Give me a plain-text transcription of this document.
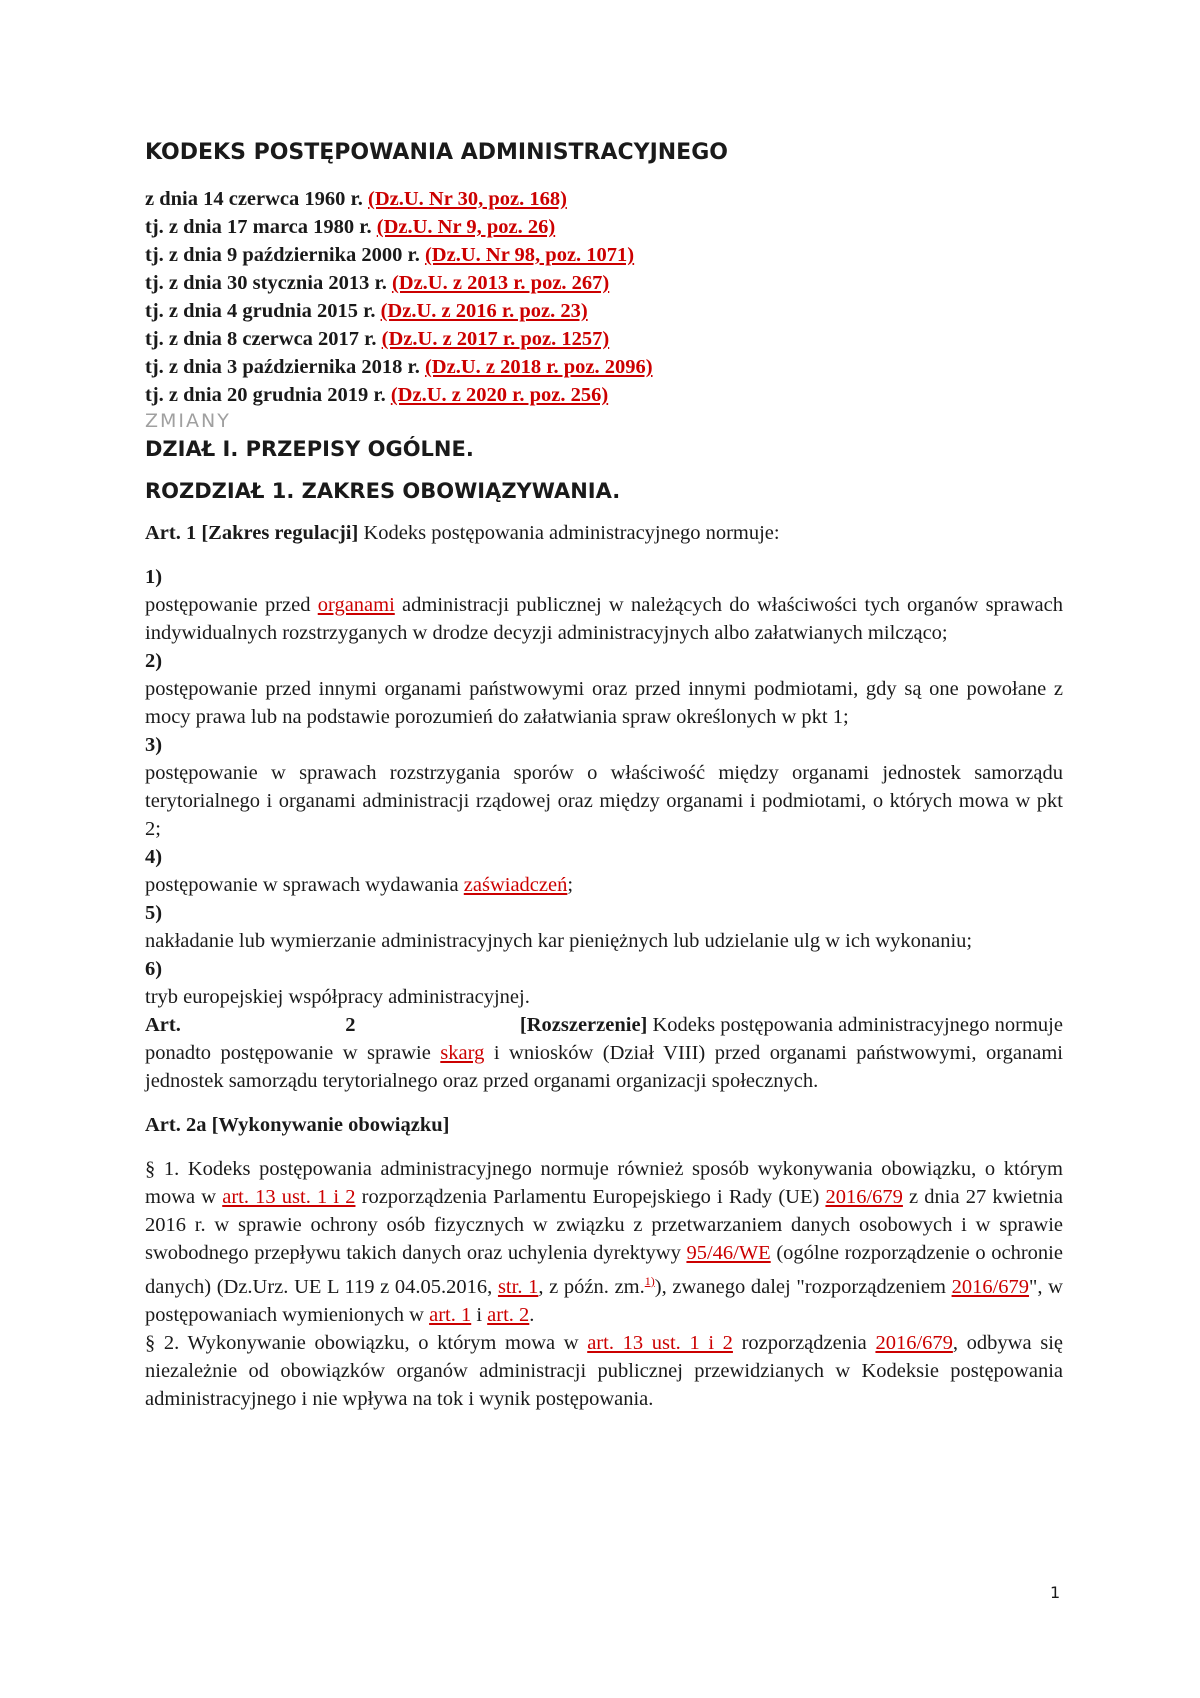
KODEKS POSTĘPOWANIA ADMINISTRACYJNEGO
z dnia 14 czerwca 1960 r. (Dz.U. Nr 30, poz. 168)
tj. z dnia 17 marca 1980 r. (Dz.U. Nr 9, poz. 26)
tj. z dnia 9 października 2000 r. (Dz.U. Nr 98, poz. 1071)
tj. z dnia 30 stycznia 2013 r. (Dz.U. z 2013 r. poz. 267)
tj. z dnia 4 grudnia 2015 r. (Dz.U. z 2016 r. poz. 23)
tj. z dnia 8 czerwca 2017 r. (Dz.U. z 2017 r. poz. 1257)
tj. z dnia 3 października 2018 r. (Dz.U. z 2018 r. poz. 2096)
tj. z dnia 20 grudnia 2019 r. (Dz.U. z 2020 r. poz. 256)
ZMIANY
DZIAŁ I. PRZEPISY OGÓLNE.
ROZDZIAŁ 1. ZAKRES OBOWIĄZYWANIA.

Art. 1 [Zakres regulacji] Kodeks postępowania administracyjnego normuje:

1)

postępowanie przed organami administracji publicznej w należących do właściwości tych organów sprawach indywidualnych rozstrzyganych w drodze decyzji administracyjnych albo załatwianych milcząco;

2)

postępowanie przed innymi organami państwowymi oraz przed innymi podmiotami, gdy są one powołane z mocy prawa lub na podstawie porozumień do załatwiania spraw określonych w pkt 1;

3)

postępowanie w sprawach rozstrzygania sporów o właściwość między organami jednostek samorządu terytorialnego i organami administracji rządowej oraz między organami i podmiotami, o których mowa w pkt 2;

4)

postępowanie w sprawach wydawania zaświadczeń;

5)

nakładanie lub wymierzanie administracyjnych kar pieniężnych lub udzielanie ulg w ich wykonaniu;

6)

tryb europejskiej współpracy administracyjnej.

Art.	2	[Rozszerzenie] Kodeks postępowania administracyjnego normuje

ponadto postępowanie w sprawie skarg i wniosków (Dział VIII) przed organami państwowymi, organami jednostek samorządu terytorialnego oraz przed organami organizacji społecznych.

Art. 2a [Wykonywanie obowiązku]

§ 1. Kodeks postępowania administracyjnego normuje również sposób wykonywania obowiązku, o którym mowa w art. 13 ust. 1 i 2 rozporządzenia Parlamentu Europejskiego i Rady (UE) 2016/679 z dnia 27 kwietnia 2016 r. w sprawie ochrony osób fizycznych w związku z przetwarzaniem danych osobowych i w sprawie swobodnego przepływu takich danych oraz uchylenia dyrektywy 95/46/WE (ogólne rozporządzenie o ochronie danych) (Dz.Urz. UE L 119 z 04.05.2016, str. 1, z późn. zm.$^{1)}$), zwanego dalej "rozporządzeniem 2016/679", w postępowaniach wymienionych w art. 1 i art. 2.

§ 2. Wykonywanie obowiązku, o którym mowa w art. 13 ust. 1 i 2 rozporządzenia 2016/679, odbywa się niezależnie od obowiązków organów administracji publicznej przewidzianych w Kodeksie postępowania administracyjnego i nie wpływa na tok i wynik postępowania.

1
